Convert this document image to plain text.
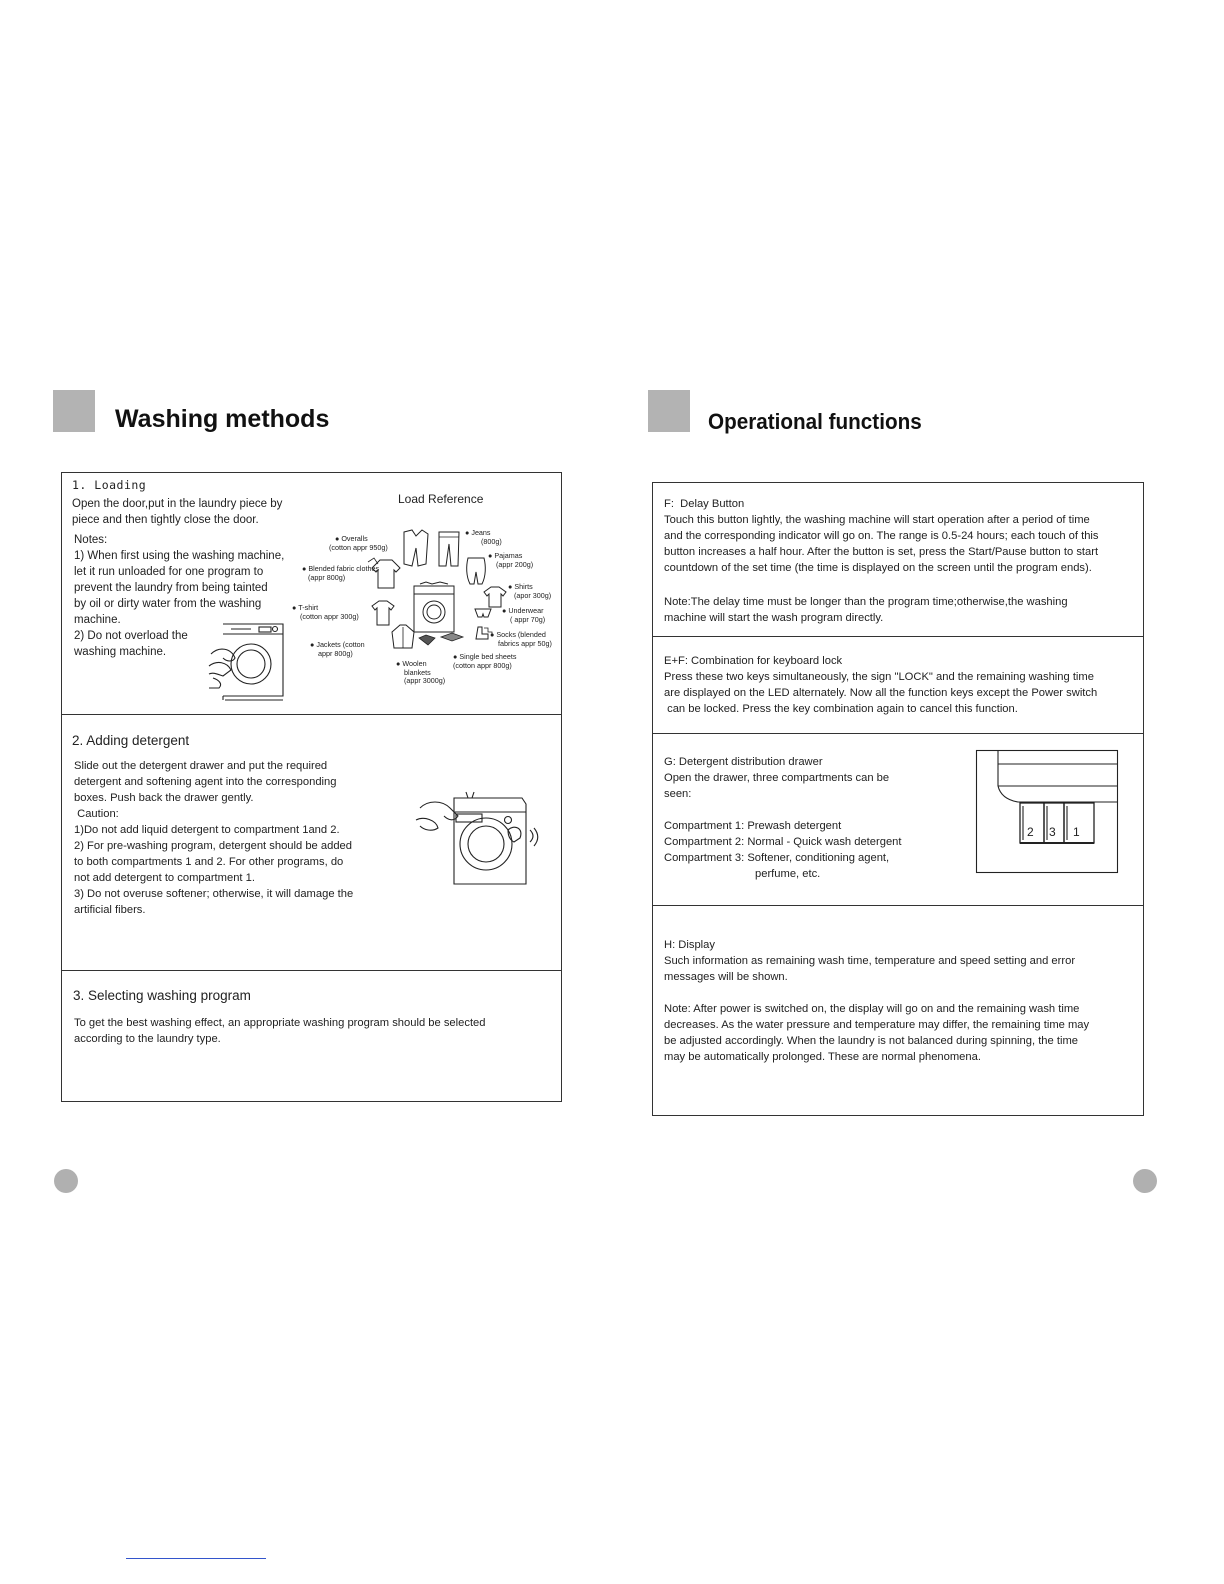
Washing methods
1. Loading
Open the door,put in the laundry piece by
piece and then tightly close the door.
Notes:
1) When first using the washing machine,
let it run unloaded for one program to
prevent the laundry from being tainted
by oil or dirty water from the washing
machine.
2) Do not overload the
washing machine.
Load Reference
● Jeans
(800g)
● Overalls
(cotton appr 950g)
● Pajamas
(appr 200g)
● Blended fabric clothes
(appr 800g)
● Shirts
(apor 300g)
● T-shirt
(cotton appr 300g)
● Underwear
( appr 70g)
● Socks (blended
fabrics appr 50g)
● Jackets (cotton
appr 800g)	● Single bed sheets
(cotton appr 800g)
● Woolen
blankets
(appr 3000g)
2. Adding detergent
Slide out the detergent drawer and put the required
detergent and softening agent into the corresponding
boxes. Push back the drawer gently.
Caution:
1)Do not add liquid detergent to compartment 1and 2.
2) For pre-washing program, detergent should be added
to both compartments 1 and 2. For other programs, do
not add detergent to compartment 1.
3) Do not overuse softener; otherwise, it will damage the
artificial fibers.
3. Selecting washing program
To get the best washing effect, an appropriate washing program should be selected
according to the laundry type.
Operational functions
F:  Delay Button
Touch this button lightly, the washing machine will start operation after a period of time
and the corresponding indicator will go on. The range is 0.5-24 hours; each touch of this
button increases a half hour. After the button is set, press the Start/Pause button to start
countdown of the set time (the time is displayed on the screen until the program ends).
Note:The delay time must be longer than the program time;otherwise,the washing
machine will start the wash program directly.
E+F: Combination for keyboard lock
Press these two keys simultaneously, the sign "LOCK" and the remaining washing time
are displayed on the LED alternately. Now all the function keys except the Power switch
can be locked. Press the key combination again to cancel this function.
G: Detergent distribution drawer
Open the drawer, three compartments can be
seen:
Compartment 1: Prewash detergent
Compartment 2: Normal - Quick wash detergent
Compartment 3: Softener, conditioning agent,
perfume, etc.
2 3 1
H: Display
Such information as remaining wash time, temperature and speed setting and error
messages will be shown.
Note: After power is switched on, the display will go on and the remaining wash time
decreases. As the water pressure and temperature may differ, the remaining time may
be adjusted accordingly. When the laundry is not balanced during spinning, the time
may be automatically prolonged. These are normal phenomena.
